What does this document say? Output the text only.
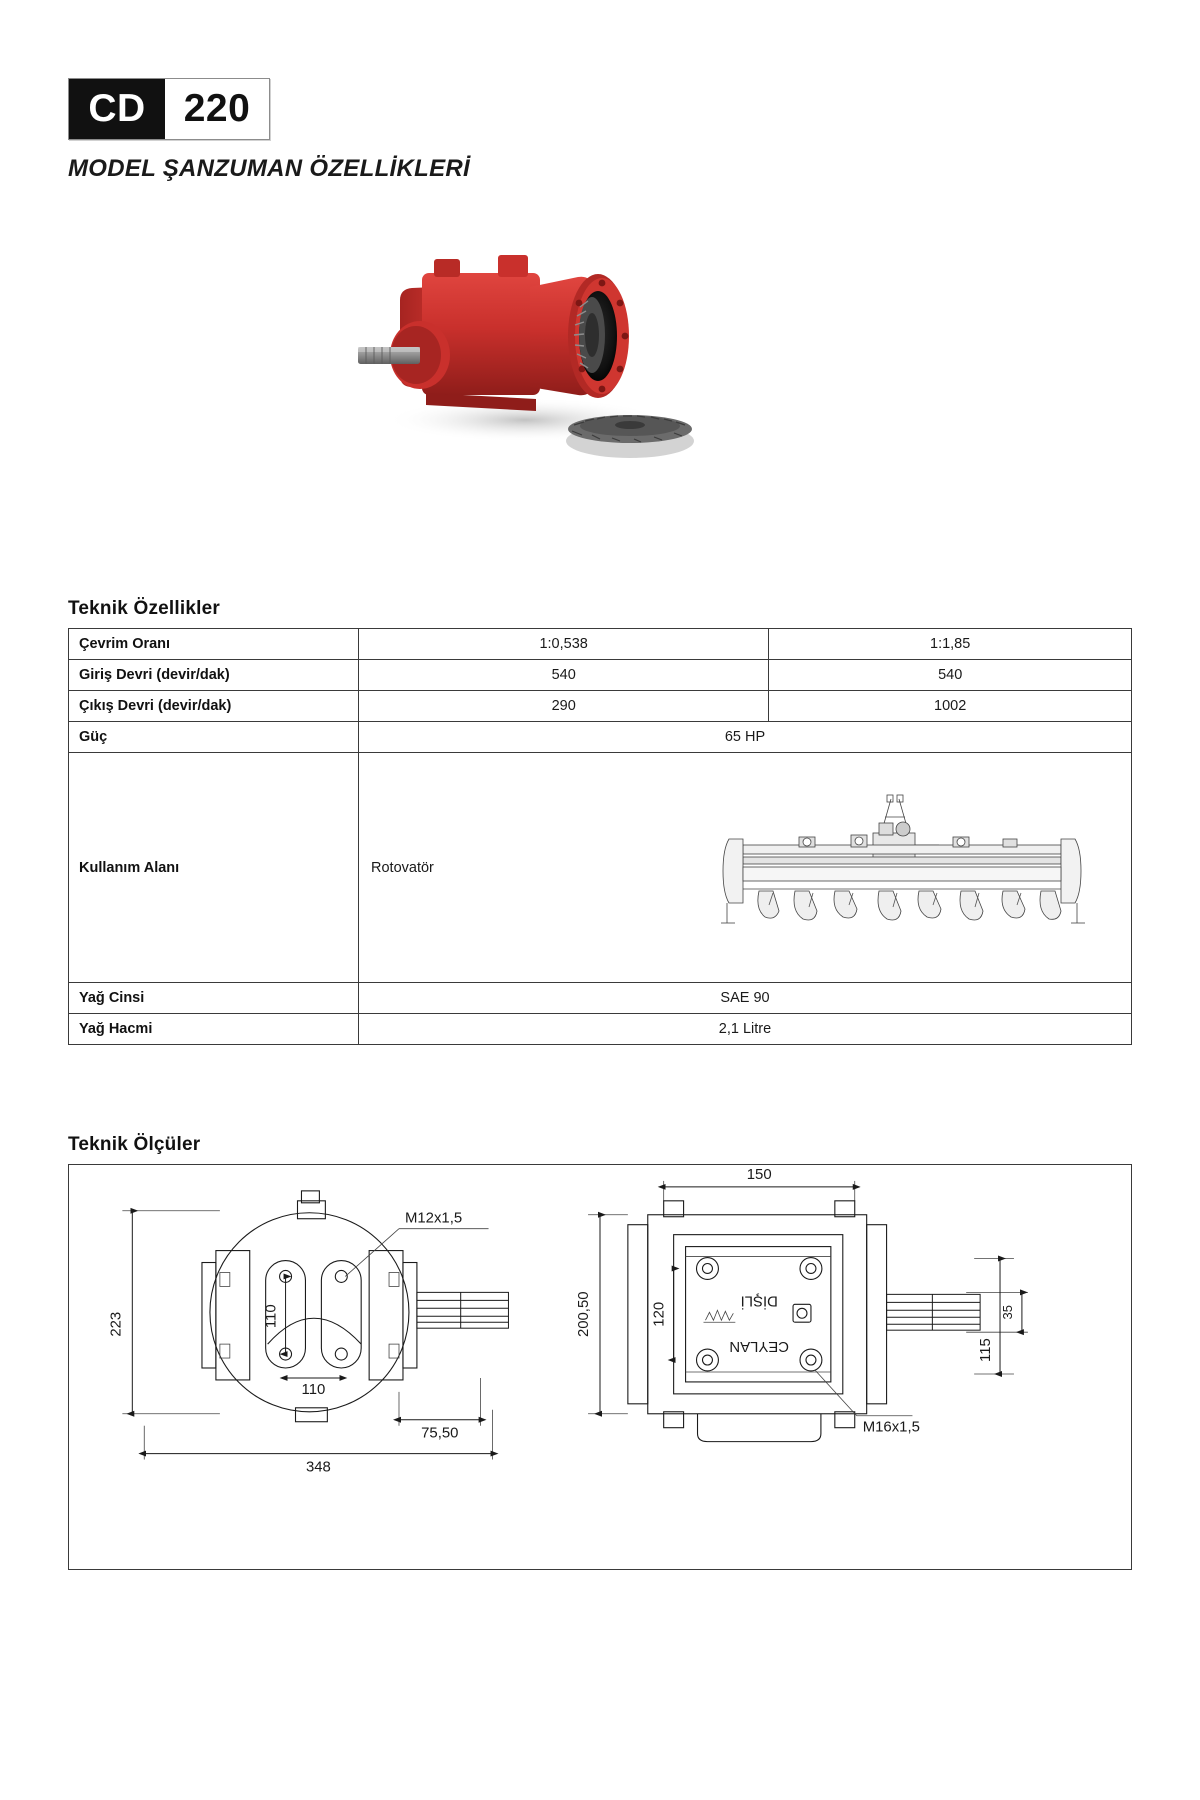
CD 220
MODEL ŞANZUMAN ÖZELLİKLERİ
Teknik Özellikler
Çevrim Oranı	1:0,538	1:1,85
Giriş Devri (devir/dak)	540	540
Çıkış Devri (devir/dak)	290	1002
Güç	65 HP	
Kullanım Alanı	Rotovatör	

Yağ Cinsi	SAE 90	
Yağ Hacmi	2,1 Litre	
Teknik Ölçüler
223
M12x1,5
110
110
75,50
348
150
200,50	DİŞLİ
CEYLAN
35
115
120
M16x1,5
